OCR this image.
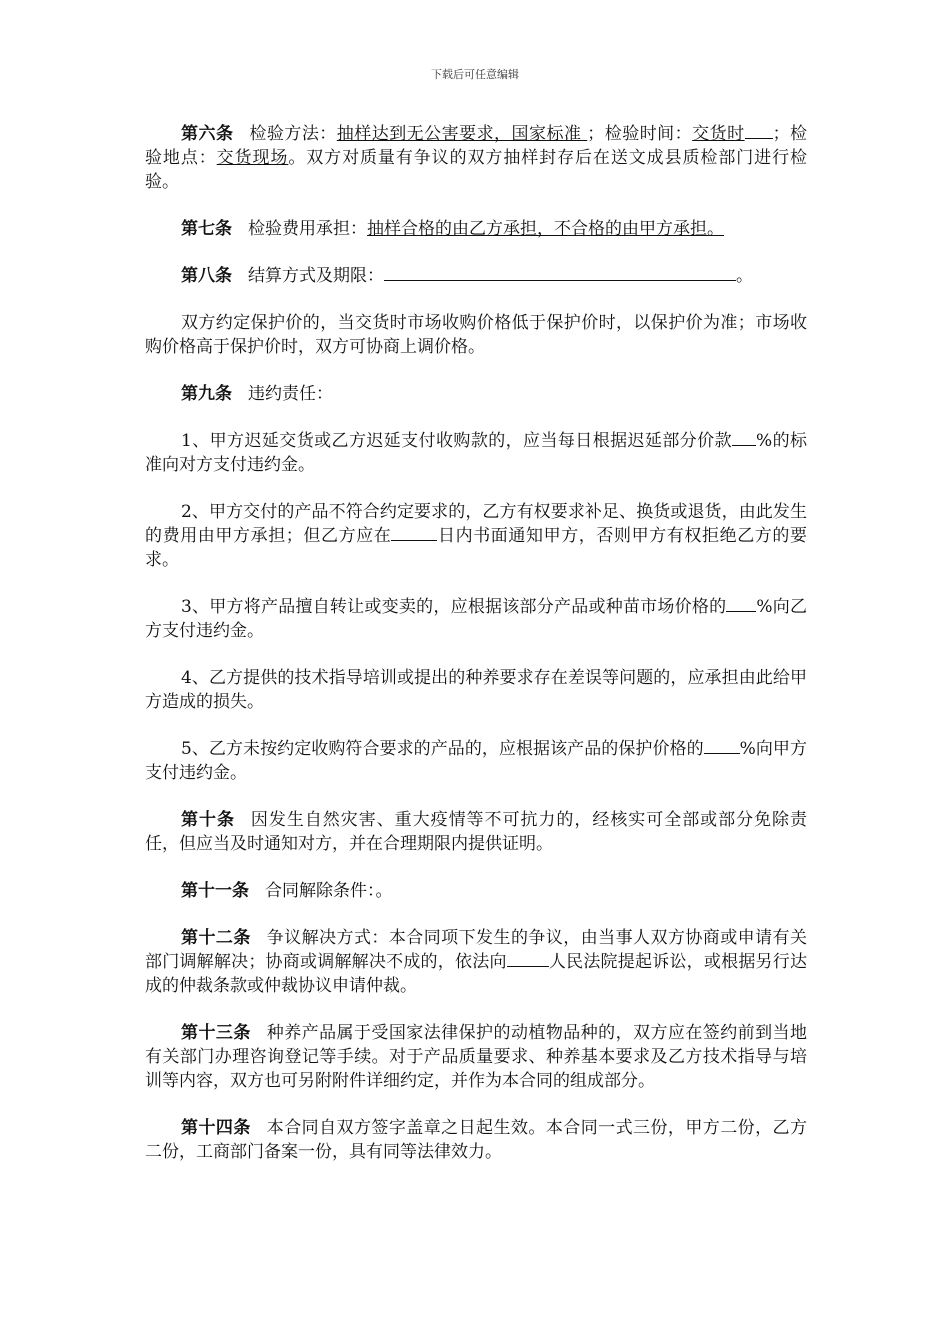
下载后可任意编辑

第六条 检验方法：抽样达到无公害要求，国家标准 ；检验时间：交货时 ；检验地点：交货现场。双方对质量有争议的双方抽样封存后在送文成县质检部门进行检验。

第七条 检验费用承担：抽样合格的由乙方承担，不合格的由甲方承担。

第八条 结算方式及期限：	。

双方约定保护价的，当交货时市场收购价格低于保护价时，以保护价为准；市场收购价格高于保护价时，双方可协商上调价格。

第九条 违约责任：

1、甲方迟延交货或乙方迟延支付收购款的，应当每日根据迟延部分价款 %的标准向对方支付违约金。

2、甲方交付的产品不符合约定要求的，乙方有权要求补足、换货或退货，由此发生的费用由甲方承担；但乙方应在	日内书面通知甲方，否则甲方有权拒绝乙方的要求。

3、甲方将产品擅自转让或变卖的，应根据该部分产品或种苗市场价格的 %向乙方支付违约金。

4、乙方提供的技术指导培训或提出的种养要求存在差误等问题的，应承担由此给甲方造成的损失。

5、乙方未按约定收购符合要求的产品的，应根据该产品的保护价格的 %向甲方支付违约金。

第十条 因发生自然灾害、重大疫情等不可抗力的，经核实可全部或部分免除责任，但应当及时通知对方，并在合理期限内提供证明。

第十一条 合同解除条件：。

第十二条 争议解决方式：本合同项下发生的争议，由当事人双方协商或申请有关部门调解解决；协商或调解解决不成的，依法向 人民法院提起诉讼，或根据另行达成的仲裁条款或仲裁协议申请仲裁。

第十三条 种养产品属于受国家法律保护的动植物品种的，双方应在签约前到当地有关部门办理咨询登记等手续。对于产品质量要求、种养基本要求及乙方技术指导与培训等内容，双方也可另附附件详细约定，并作为本合同的组成部分。

第十四条 本合同自双方签字盖章之日起生效。本合同一式三份，甲方二份，乙方二份，工商部门备案一份，具有同等法律效力。
